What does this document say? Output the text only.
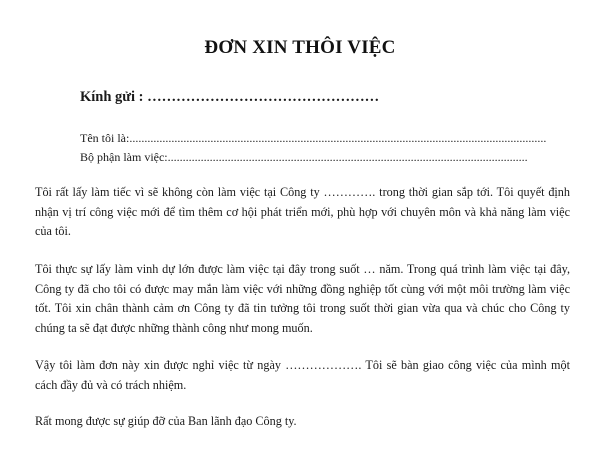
ĐƠN XIN THÔI VIỆC
Kính gửi : …………………………………………
Tên tôi là:...........................................................................................................................................
Bộ phận làm việc:........................................................................................................................
Tôi rất lấy làm tiếc vì sẽ không còn làm việc tại Công ty …………. trong thời gian sắp tới. Tôi quyết định nhận vị trí công việc mới để tìm thêm cơ hội phát triển mới, phù hợp với chuyên môn và khả năng làm việc của tôi.
Tôi thực sự lấy làm vinh dự lớn được làm việc tại đây trong suốt … năm. Trong quá trình làm việc tại đây, Công ty đã cho tôi có được may mắn làm việc với những đồng nghiệp tốt cùng với một môi trường làm việc tốt. Tôi xin chân thành cảm ơn Công ty đã tin tưởng tôi trong suốt thời gian vừa qua và chúc cho Công ty chúng ta sẽ đạt được những thành công như mong muốn.
Vậy tôi làm đơn này xin được nghỉ việc từ ngày ………………. Tôi sẽ bàn giao công việc của mình một cách đầy đủ và có trách nhiệm.
Rất mong được sự giúp đỡ của Ban lãnh đạo Công ty.
